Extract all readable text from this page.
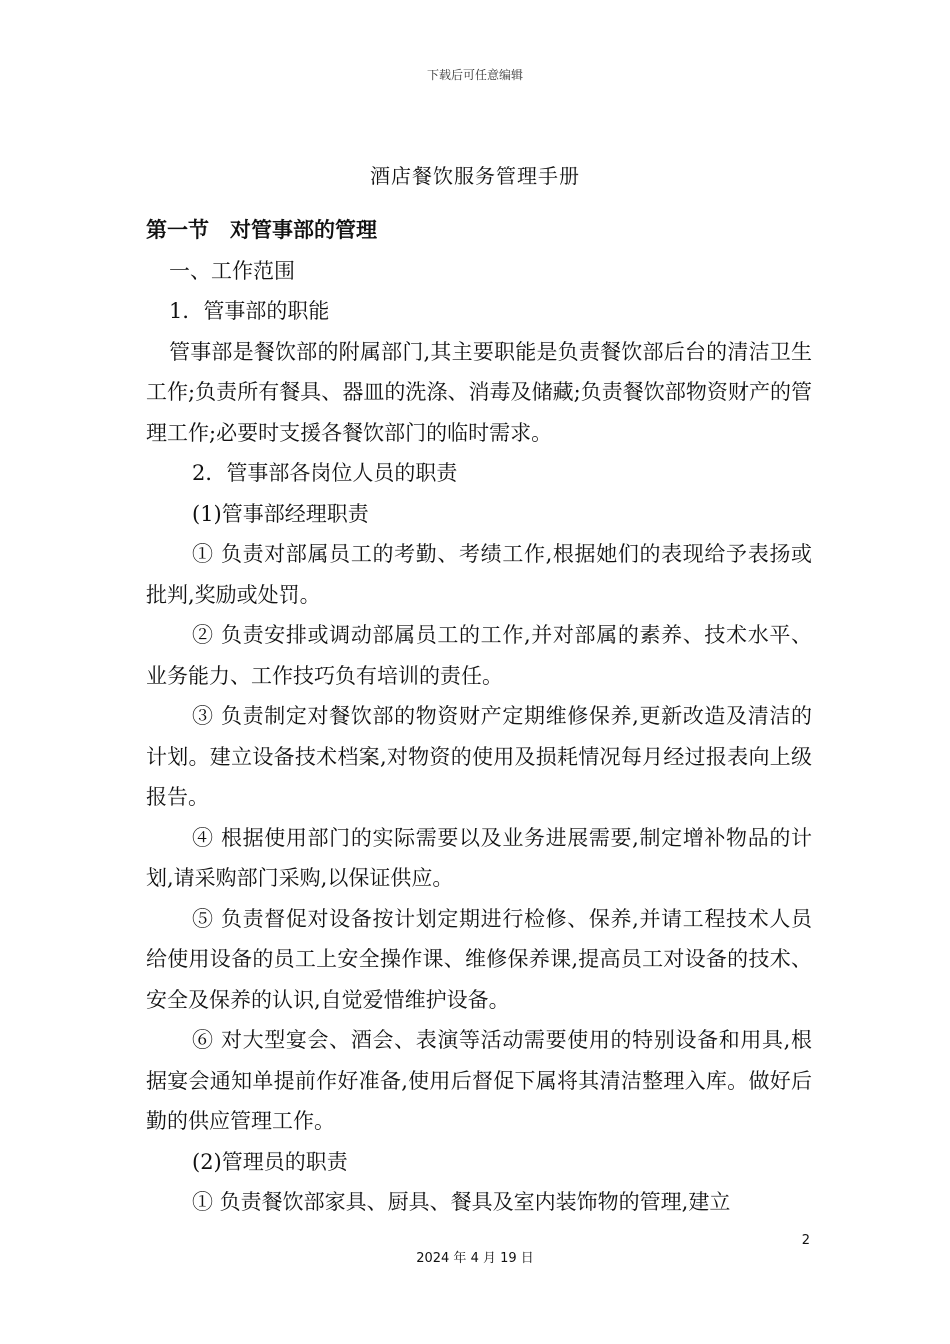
下载后可任意编辑
酒店餐饮服务管理手册

第一节　对管事部的管理

一、工作范围

1．管事部的职能

管事部是餐饮部的附属部门,其主要职能是负责餐饮部后台的清洁卫生工作;负责所有餐具、器皿的洗涤、消毒及储藏;负责餐饮部物资财产的管理工作;必要时支援各餐饮部门的临时需求。

2．管事部各岗位人员的职责

(1)管事部经理职责

① 负责对部属员工的考勤、考绩工作,根据她们的表现给予表扬或批判,奖励或处罚。

② 负责安排或调动部属员工的工作,并对部属的素养、技术水平、业务能力、工作技巧负有培训的责任。

③ 负责制定对餐饮部的物资财产定期维修保养,更新改造及清洁的计划。建立设备技术档案,对物资的使用及损耗情况每月经过报表向上级报告。

④ 根据使用部门的实际需要以及业务进展需要,制定增补物品的计划,请采购部门采购,以保证供应。

⑤ 负责督促对设备按计划定期进行检修、保养,并请工程技术人员给使用设备的员工上安全操作课、维修保养课,提高员工对设备的技术、安全及保养的认识,自觉爱惜维护设备。

⑥ 对大型宴会、酒会、表演等活动需要使用的特别设备和用具,根据宴会通知单提前作好准备,使用后督促下属将其清洁整理入库。做好后勤的供应管理工作。

(2)管理员的职责

① 负责餐饮部家具、厨具、餐具及室内装饰物的管理,建立

2
2024 年 4 月 19 日
